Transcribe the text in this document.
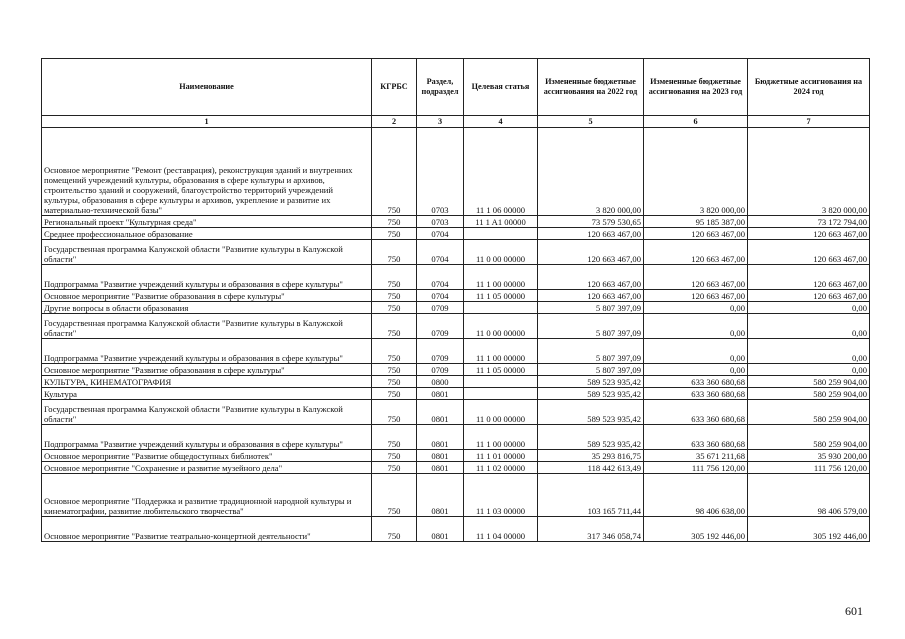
Наименование	КГРБС	Раздел, подраздел	Целевая статья	Измененные бюджетные ассигнования на 2022 год	Измененные бюджетные ассигнования на 2023 год	Бюджетные ассигнования на 2024 год
1	2	3	4	5	6	7
Основное мероприятие "Ремонт (реставрация), реконструкция зданий и внутренних помещений учреждений культуры, образования в сфере культуры и архивов, строительство зданий и сооружений, благоустройство территорий учреждений культуры, образования в сфере культуры и архивов, укрепление и развитие их материально-технической базы"	750	0703	11 1 06 00000	3 820 000,00	3 820 000,00	3 820 000,00
Региональный проект "Культурная среда"	750	0703	11 1 A1 00000	73 579 530,65	95 185 387,00	73 172 794,00
Среднее профессиональное образование	750	0704		120 663 467,00	120 663 467,00	120 663 467,00
Государственная программа Калужской области "Развитие культуры в Калужской области"	750	0704	11 0 00 00000	120 663 467,00	120 663 467,00	120 663 467,00
Подпрограмма "Развитие учреждений культуры и образования в сфере культуры"	750	0704	11 1 00 00000	120 663 467,00	120 663 467,00	120 663 467,00
Основное мероприятие "Развитие образования в сфере культуры"	750	0704	11 1 05 00000	120 663 467,00	120 663 467,00	120 663 467,00
Другие вопросы в области образования	750	0709		5 807 397,09	0,00	0,00
Государственная программа Калужской области "Развитие культуры в Калужской области"	750	0709	11 0 00 00000	5 807 397,09	0,00	0,00
Подпрограмма "Развитие учреждений культуры и образования в сфере культуры"	750	0709	11 1 00 00000	5 807 397,09	0,00	0,00
Основное мероприятие "Развитие образования в сфере культуры"	750	0709	11 1 05 00000	5 807 397,09	0,00	0,00
КУЛЬТУРА, КИНЕМАТОГРАФИЯ	750	0800		589 523 935,42	633 360 680,68	580 259 904,00
Культура	750	0801		589 523 935,42	633 360 680,68	580 259 904,00
Государственная программа Калужской области "Развитие культуры в Калужской области"	750	0801	11 0 00 00000	589 523 935,42	633 360 680,68	580 259 904,00
Подпрограмма "Развитие учреждений культуры и образования в сфере культуры"	750	0801	11 1 00 00000	589 523 935,42	633 360 680,68	580 259 904,00
Основное мероприятие "Развитие общедоступных библиотек"	750	0801	11 1 01 00000	35 293 816,75	35 671 211,68	35 930 200,00
Основное мероприятие "Сохранение и развитие музейного дела"	750	0801	11 1 02 00000	118 442 613,49	111 756 120,00	111 756 120,00
Основное мероприятие "Поддержка и развитие традиционной народной культуры и кинематографии, развитие любительского творчества"	750	0801	11 1 03 00000	103 165 711,44	98 406 638,00	98 406 579,00
Основное мероприятие "Развитие театрально-концертной деятельности"	750	0801	11 1 04 00000	317 346 058,74	305 192 446,00	305 192 446,00
601
